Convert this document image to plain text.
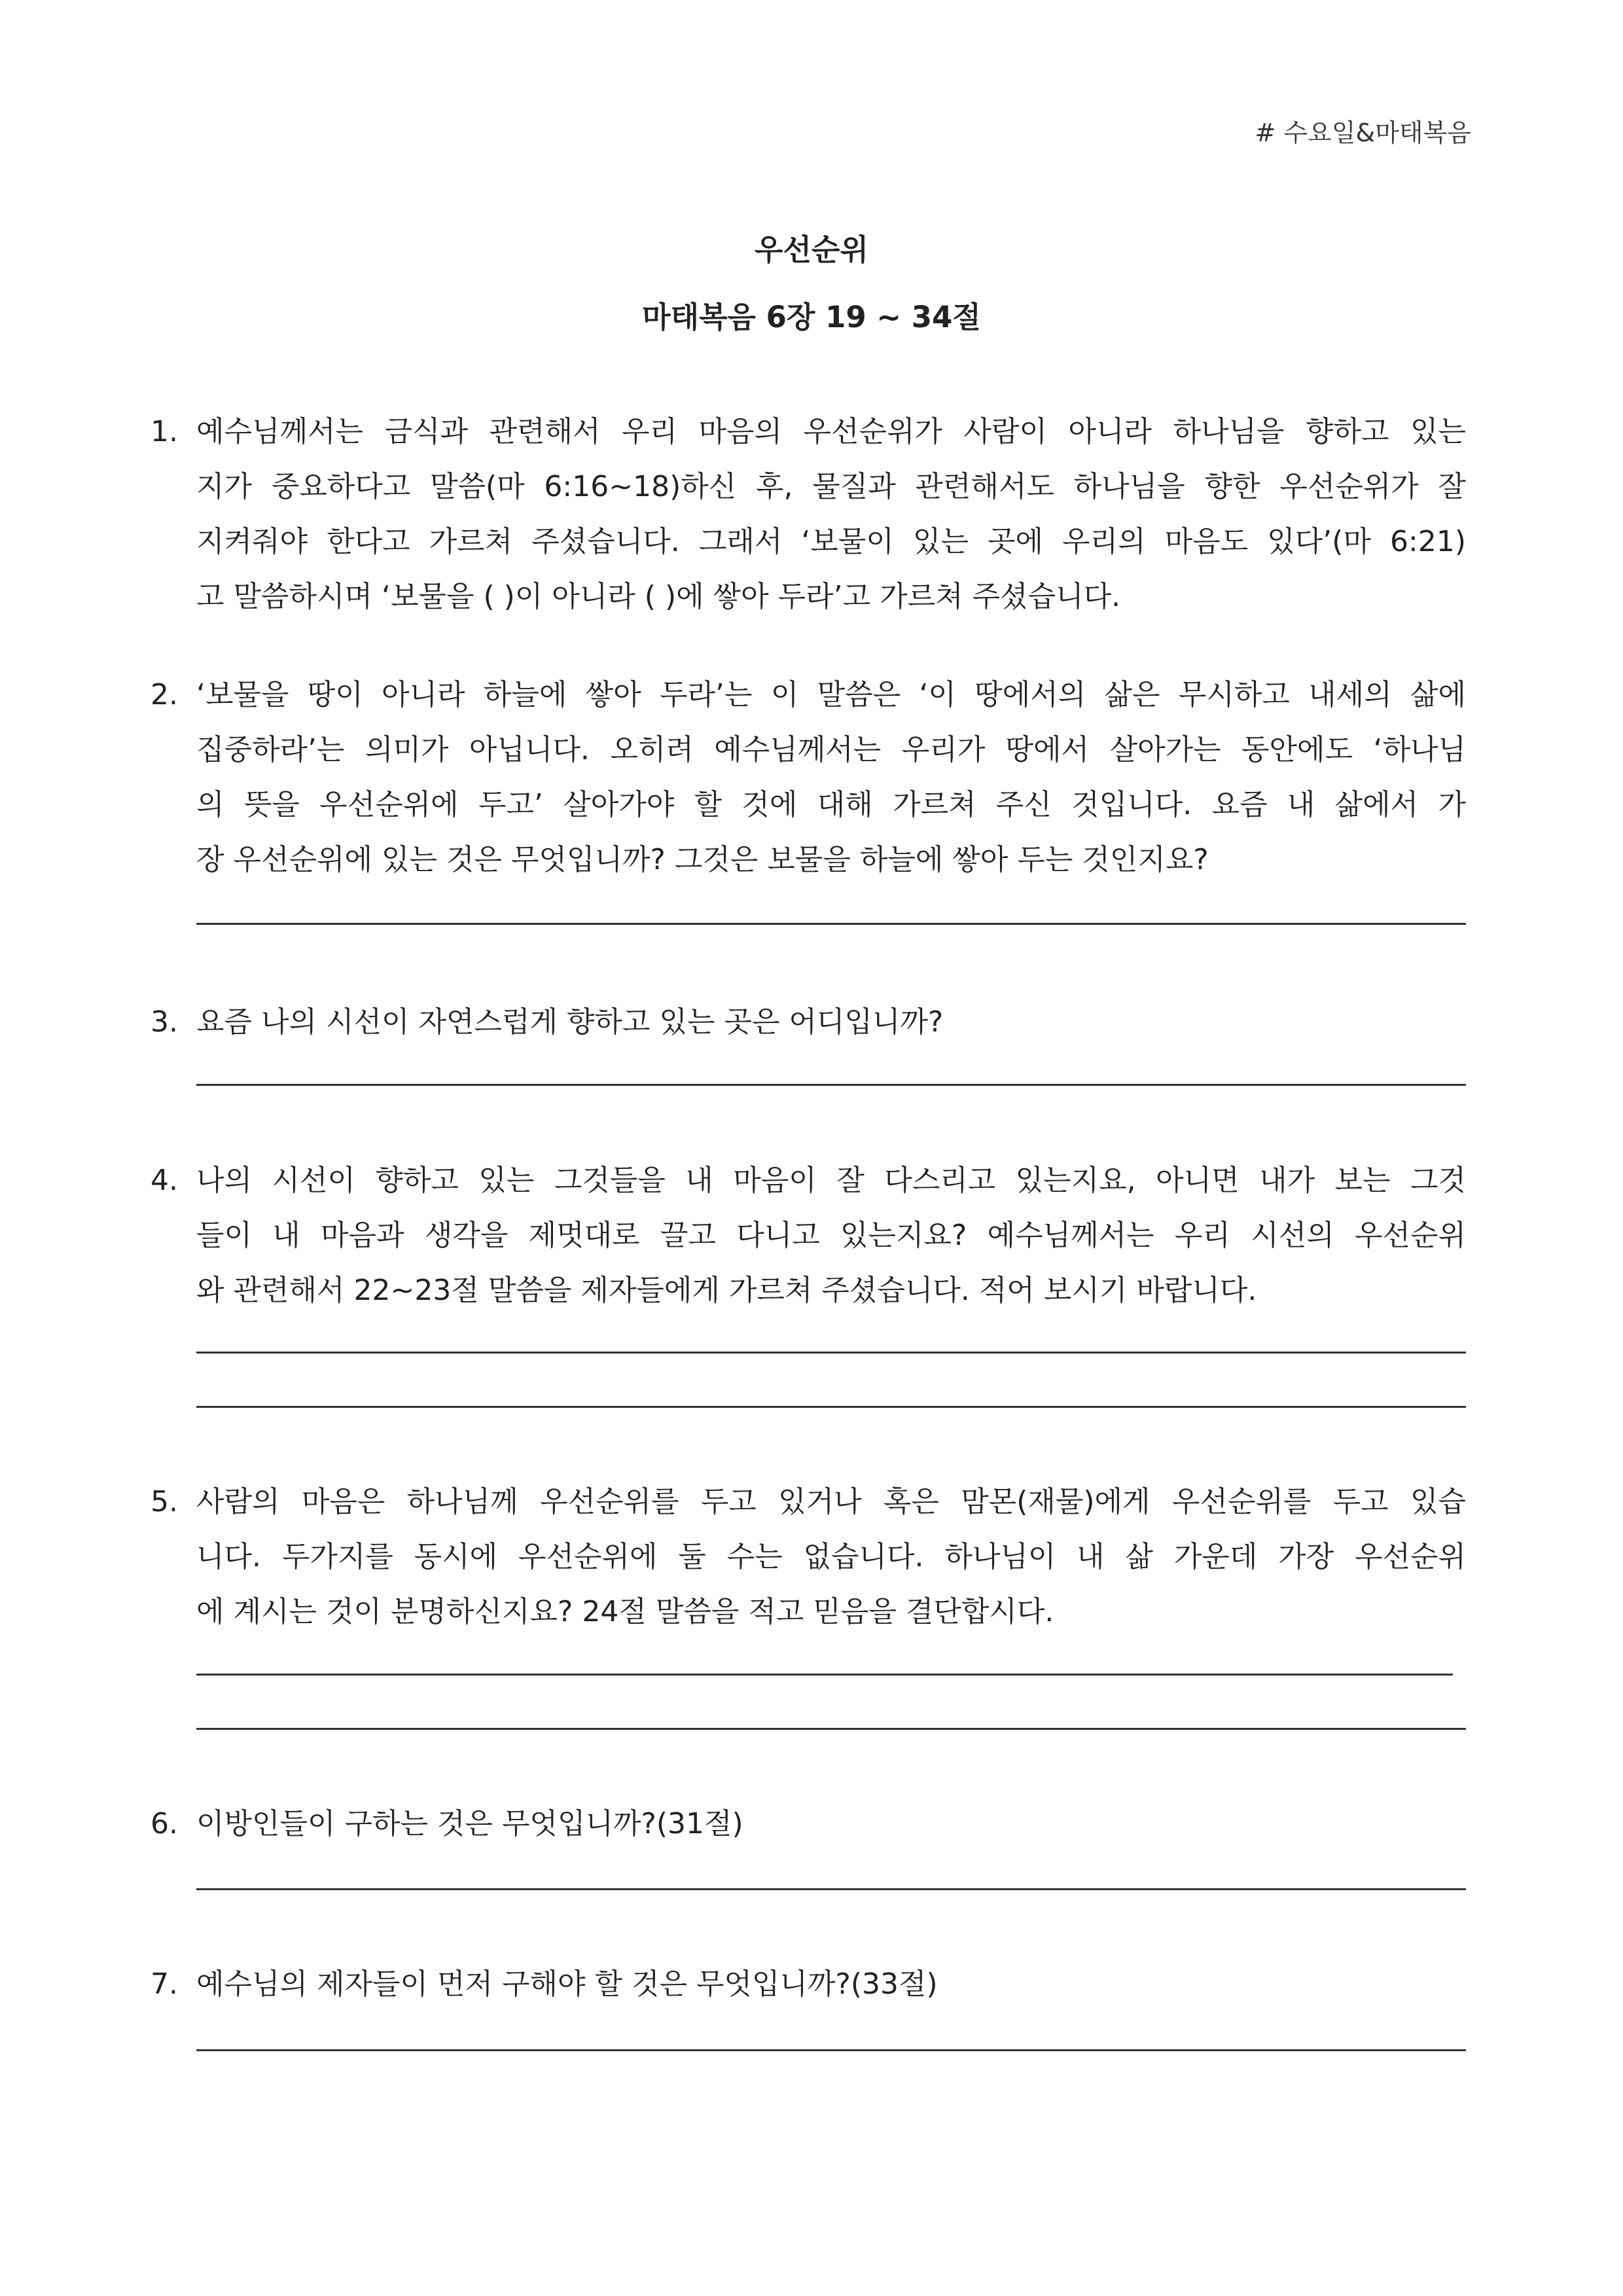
# 수요일&마태복음
우선순위
마태복음 6장 19 ~ 34절
1. 예수님께서는 금식과 관련해서 우리 마음의 우선순위가 사람이 아니라 하나님을 향하고 있는
지가 중요하다고 말씀(마 6:16~18)하신 후, 물질과 관련해서도 하나님을 향한 우선순위가 잘
지켜줘야 한다고 가르쳐 주셨습니다. 그래서 ‘보물이 있는 곳에 우리의 마음도 있다’(마 6:21)
고 말씀하시며 ‘보물을 ( )이 아니라 ( )에 쌓아 두라’고 가르쳐 주셨습니다.
2. ‘보물을 땅이 아니라 하늘에 쌓아 두라’는 이 말씀은 ‘이 땅에서의 삶은 무시하고 내세의 삶에
집중하라’는 의미가 아닙니다. 오히려 예수님께서는 우리가 땅에서 살아가는 동안에도 ‘하나님
의 뜻을 우선순위에 두고’ 살아가야 할 것에 대해 가르쳐 주신 것입니다. 요즘 내 삶에서 가
장 우선순위에 있는 것은 무엇입니까? 그것은 보물을 하늘에 쌓아 두는 것인지요?
3. 요즘 나의 시선이 자연스럽게 향하고 있는 곳은 어디입니까?
4. 나의 시선이 향하고 있는 그것들을 내 마음이 잘 다스리고 있는지요, 아니면 내가 보는 그것
들이 내 마음과 생각을 제멋대로 끌고 다니고 있는지요? 예수님께서는 우리 시선의 우선순위
와 관련해서 22~23절 말씀을 제자들에게 가르쳐 주셨습니다. 적어 보시기 바랍니다.
5. 사람의 마음은 하나님께 우선순위를 두고 있거나 혹은 맘몬(재물)에게 우선순위를 두고 있습
니다. 두가지를 동시에 우선순위에 둘 수는 없습니다. 하나님이 내 삶 가운데 가장 우선순위
에 계시는 것이 분명하신지요? 24절 말씀을 적고 믿음을 결단합시다.
6. 이방인들이 구하는 것은 무엇입니까?(31절)
7. 예수님의 제자들이 먼저 구해야 할 것은 무엇입니까?(33절)
